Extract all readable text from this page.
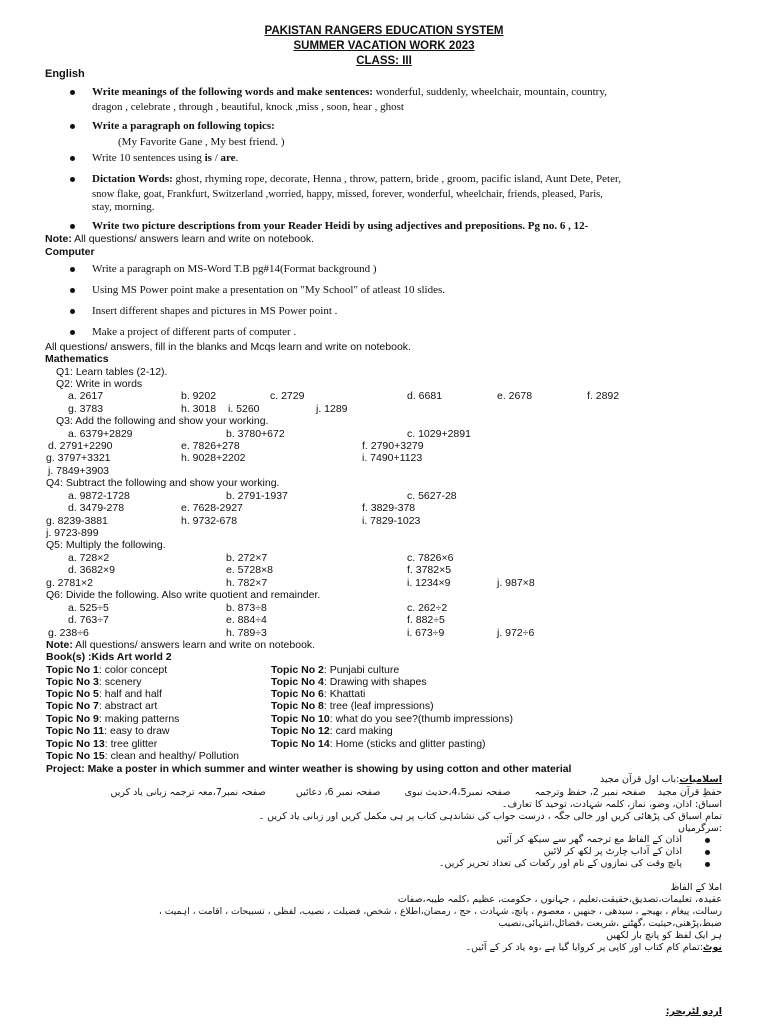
PAKISTAN RANGERS EDUCATION SYSTEM
SUMMER VACATION WORK 2023
CLASS: III
English
Write meanings of the following words and make sentences: wonderful, suddenly, wheelchair, mountain, country,
dragon , celebrate , through , beautiful, knock ,miss , soon, hear , ghost
Write a paragraph on following topics:
(My Favorite Gane , My best friend. )
Write 10 sentences using is / are.
Dictation Words: ghost, rhyming rope, decorate, Henna , throw, pattern, bride , groom, pacific island, Aunt Dete, Peter,
snow flake, goat, Frankfurt, Switzerland ,worried, happy, missed, forever, wonderful, wheelchair, friends, pleased, Paris,
stay, morning.
Write two picture descriptions from your Reader Heidi by using adjectives and prepositions. Pg no. 6 , 12-
Note: All questions/ answers learn and write on notebook.
Computer
Write a paragraph on MS-Word T.B pg#14(Format background )
Using MS Power point make a presentation on "My School" of atleast 10 slides.
Insert different shapes and pictures in MS Power point .
Make a project of different parts of computer .
All questions/ answers, fill in the blanks and Mcqs learn and write on notebook.
Mathematics
Q1: Learn tables (2-12).
Q2: Write in words
a. 2617	b. 9202	c. 2729	d. 6681	e. 2678	f. 2892
g. 3783	h. 3018 i. 5260	j. 1289
Q3: Add the following and show your working.
a. 6379+2829	b. 3780+672	c. 1029+2891
d. 2791+2290	e. 7826+278	f. 2790+3279
g. 3797+3321	h. 9028+2202	i. 7490+1123
j. 7849+3903
Q4: Subtract the following and show your working.
a. 9872-1728	b. 2791-1937	c. 5627-28
d. 3479-278	e. 7628-2927	f. 3829-378
g. 8239-3881	h. 9732-678	i. 7829-1023
j. 9723-899
Q5: Multiply the following.
a. 728×2	b. 272×7	c. 7826×6
d. 3682×9	e. 5728×8	f. 3782×5
g. 2781×2	h. 782×7	i. 1234×9	j. 987×8
Q6: Divide the following. Also write quotient and remainder.
a. 525÷5	b. 873÷8	c. 262÷2
d. 763÷7	e. 884÷4	f. 882÷5
g. 238÷6	h. 789÷3	i. 673÷9	j. 972÷6
Note: All questions/ answers learn and write on notebook.
Book(s) :Kids Art world 2
Topic No 1: color concept	Topic No 2: Punjabi culture
Topic No 3: scenery	Topic No 4: Drawing with shapes
Topic No 5: half and half	Topic No 6: Khattati
Topic No 7: abstract art	Topic No 8: tree (leaf impressions)
Topic No 9: making patterns	Topic No 10: what do you see?(thumb impressions)
Topic No 11: easy to draw	Topic No 12: card making
Topic No 13: tree glitter	Topic No 14: Home (sticks and glitter pasting)
Topic No 15: clean and healthy/ Pollution
Project: Make a poster in which summer and winter weather is showing by using cotton and other material
اسلامیات:باب اول قرآن مجید
حفظِ قرآن مجید    صفحہ نمبر 2، حفظ وترجمہ        صفحہ نمبر4،5،حدیث نبوی        صفحہ نمبر 6، دعائیں          صفحہ نمبر7،معہ ترجمہ زبانی یاد کریں
اسباق: اذان، وضو، نماز، کلمہ شہادت، توحید کا تعارف۔
تمام اسباق کی پڑھائی کریں اور خالی جگہ ، درست جواب کی نشاندہی کتاب پر ہی مکمل کریں اور زبانی یاد کریں ۔
:سرگرمیاں
اذان کے الفاظ مع ترجمہ گھر سے سیکھ کر آئیں
اذان کے آداب چارٹ پر لکھ کر لائیں
پانچ وقت کی نمازوں کے نام اور رکعات کی تعداد تحریر کریں۔
املا کے الفاظ
عقیدہ، تعلیمات،تصدیق،حقیقت،تعلیم ، جہانوں ، حکومت، عظیم ،کلمہ طیبہ،صفات
رسالت، پیغام ، بھیجے ، سیدھی ، جنھیں ، معصوم ، پانچ، شہادت ، حج ، رمضان،اطلاع ، شخص، فضیلت ، نصیب، لفظی ، تسبیحات ، اقامت ، اہمیت ،
ضبط،پڑھنی،حیثیت ،گھٹنے ،شریعت ،فضائل،انتہائی،نصیب
ہر ایک لفظ کو پانچ بار لکھیں
نوٹ:تمام کام کتاب اور کاپی پر کروایا گیا ہے ،وہ یاد کر کے آئیں۔
اردو لٹریچر:
